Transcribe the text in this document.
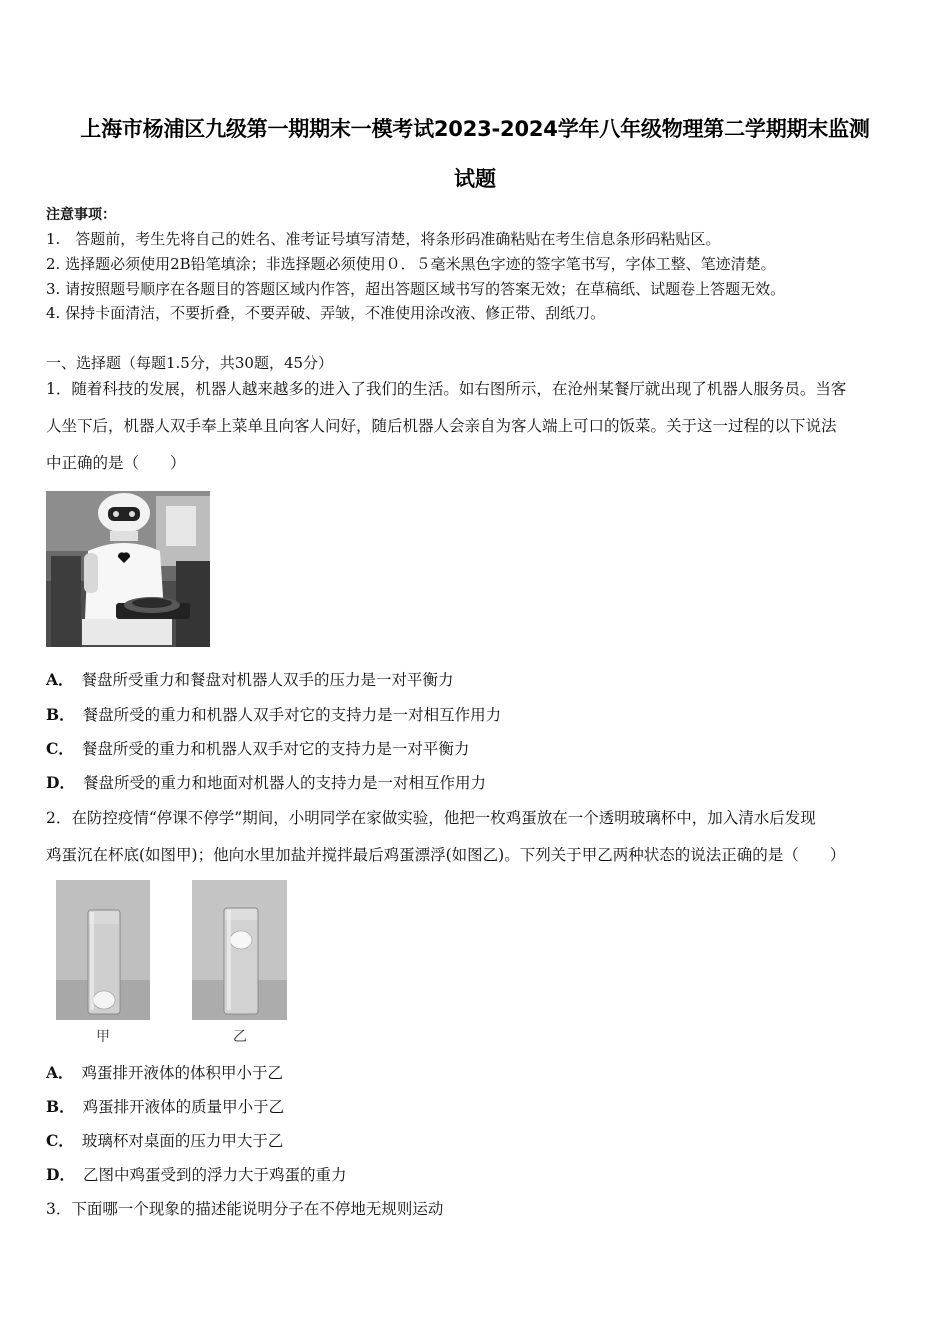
上海市杨浦区九级第一期期末一模考试2023-2024学年八年级物理第二学期期末监测
试题
注意事项：
1.　答题前，考生先将自己的姓名、准考证号填写清楚，将条形码准确粘贴在考生信息条形码粘贴区。
2. 选择题必须使用2B铅笔填涂；非选择题必须使用０．５毫米黑色字迹的签字笔书写，字体工整、笔迹清楚。
3. 请按照题号顺序在各题目的答题区域内作答，超出答题区域书写的答案无效；在草稿纸、试题卷上答题无效。
4. 保持卡面清洁，不要折叠，不要弄破、弄皱，不准使用涂改液、修正带、刮纸刀。
一、选择题（每题1.5分，共30题，45分）
1．随着科技的发展，机器人越来越多的进入了我们的生活。如右图所示，在沧州某餐厅就出现了机器人服务员。当客
人坐下后，机器人双手奉上菜单且向客人问好，随后机器人会亲自为客人端上可口的饭菜。关于这一过程的以下说法
中正确的是（　　）
A． 餐盘所受重力和餐盘对机器人双手的压力是一对平衡力
B． 餐盘所受的重力和机器人双手对它的支持力是一对相互作用力
C． 餐盘所受的重力和机器人双手对它的支持力是一对平衡力
D． 餐盘所受的重力和地面对机器人的支持力是一对相互作用力
2．在防控疫情“停课不停学”期间，小明同学在家做实验，他把一枚鸡蛋放在一个透明玻璃杯中，加入清水后发现
鸡蛋沉在杯底(如图甲)；他向水里加盐并搅拌最后鸡蛋漂浮(如图乙)。下列关于甲乙两种状态的说法正确的是（　　）
甲	乙
A． 鸡蛋排开液体的体积甲小于乙
B． 鸡蛋排开液体的质量甲小于乙
C． 玻璃杯对桌面的压力甲大于乙
D． 乙图中鸡蛋受到的浮力大于鸡蛋的重力
3．下面哪一个现象的描述能说明分子在不停地无规则运动
